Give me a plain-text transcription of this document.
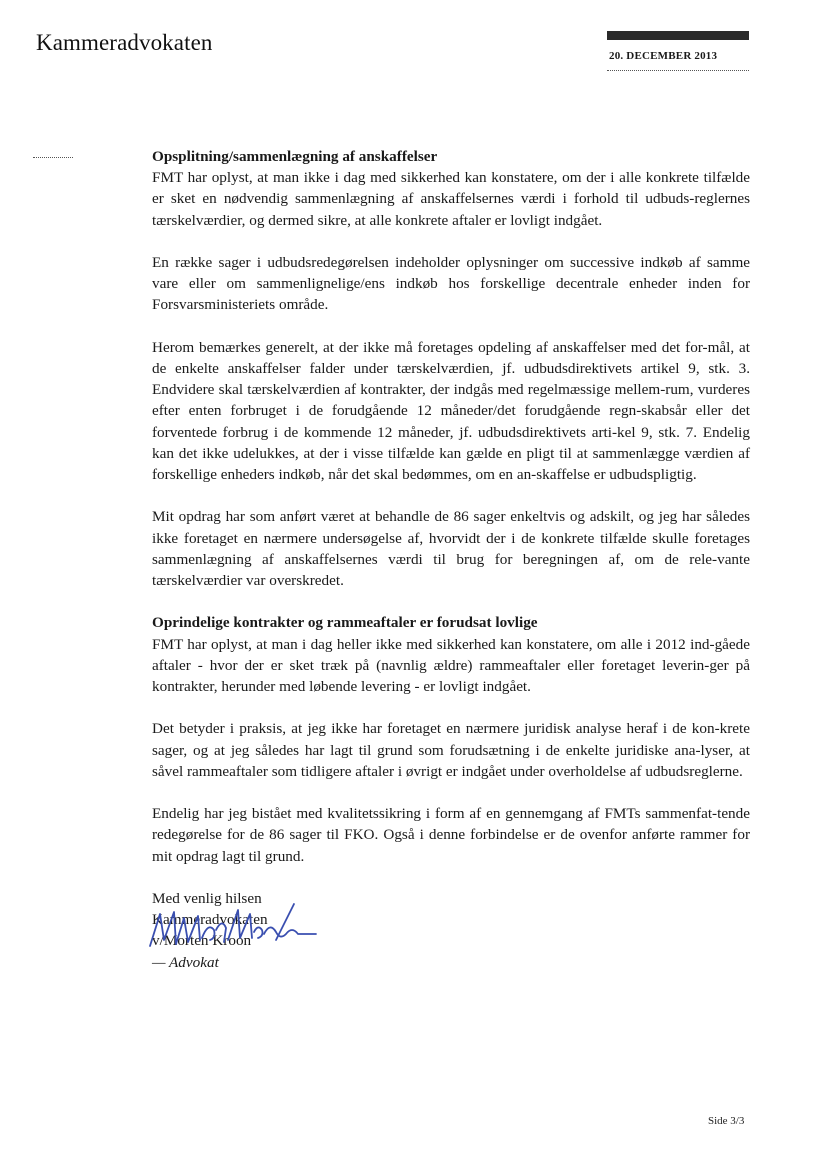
Kammeradvokaten
20. DECEMBER 2013

Opsplitning/sammenlægning af anskaffelser
FMT har oplyst, at man ikke i dag med sikkerhed kan konstatere, om der i alle konkrete tilfælde er sket en nødvendig sammenlægning af anskaffelsernes værdi i forhold til udbuds-reglernes tærskelværdier, og dermed sikre, at alle konkrete aftaler er lovligt indgået.

En række sager i udbudsredegørelsen indeholder oplysninger om successive indkøb af samme vare eller om sammenlignelige/ens indkøb hos forskellige decentrale enheder inden for Forsvarsministeriets område.

Herom bemærkes generelt, at der ikke må foretages opdeling af anskaffelser med det for-mål, at de enkelte anskaffelser falder under tærskelværdien, jf. udbudsdirektivets artikel 9, stk. 3. Endvidere skal tærskelværdien af kontrakter, der indgås med regelmæssige mellem-rum, vurderes efter enten forbruget i de forudgående 12 måneder/det forudgående regn-skabsår eller det forventede forbrug i de kommende 12 måneder, jf. udbudsdirektivets arti-kel 9, stk. 7. Endelig kan det ikke udelukkes, at der i visse tilfælde kan gælde en pligt til at sammenlægge værdien af forskellige enheders indkøb, når det skal bedømmes, om en an-skaffelse er udbudspligtig.

Mit opdrag har som anført været at behandle de 86 sager enkeltvis og adskilt, og jeg har således ikke foretaget en nærmere undersøgelse af, hvorvidt der i de konkrete tilfælde skulle foretages sammenlægning af anskaffelsernes værdi til brug for beregningen af, om de rele-vante tærskelværdier var overskredet.

Oprindelige kontrakter og rammeaftaler er forudsat lovlige
FMT har oplyst, at man i dag heller ikke med sikkerhed kan konstatere, om alle i 2012 ind-gåede aftaler - hvor der er sket træk på (navnlig ældre) rammeaftaler eller foretaget leverin-ger på kontrakter, herunder med løbende levering - er lovligt indgået.

Det betyder i praksis, at jeg ikke har foretaget en nærmere juridisk analyse heraf i de kon-krete sager, og at jeg således har lagt til grund som forudsætning i de enkelte juridiske ana-lyser, at såvel rammeaftaler som tidligere aftaler i øvrigt er indgået under overholdelse af udbudsreglerne.

Endelig har jeg bistået med kvalitetssikring i form af en gennemgang af FMTs sammenfat-tende redegørelse for de 86 sager til FKO. Også i denne forbindelse er de ovenfor anførte rammer for mit opdrag lagt til grund.

Med venlig hilsen
Kammeradvokaten
v/Morten Kroon
— Advokat
Side 3/3
